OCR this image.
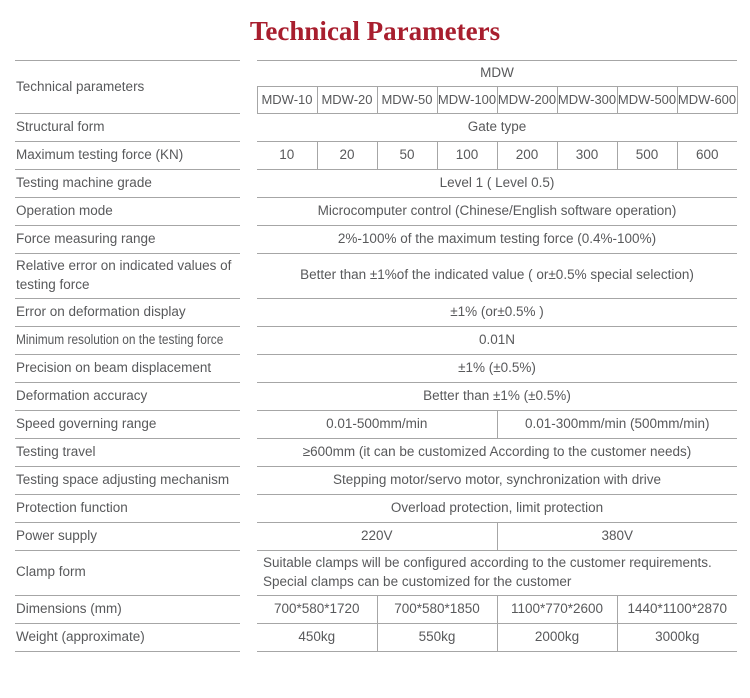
Technical Parameters
Technical parameters		MDW							
		MDW-10	MDW-20	MDW-50	MDW-100	MDW-200	MDW-300	MDW-500	MDW-600
Structural form		Gate type							
Maximum testing force (KN)		10	20	50	100	200	300	500	600
Testing machine grade		Level 1 ( Level 0.5)							
Operation mode		Microcomputer control (Chinese/English software operation)							
Force measuring range		2%-100% of the maximum testing force (0.4%-100%)							
Relative error on indicated values of testing force		Better than ±1%of the indicated value ( or±0.5% special selection)							
Error on deformation display		±1% (or±0.5% )							
Minimum resolution on the testing force		0.01N							
Precision on beam displacement		±1% (±0.5%)							
Deformation accuracy		Better than ±1% (±0.5%)							
Speed governing range		0.01-500mm/min				0.01-300mm/min (500mm/min)			
Testing travel		≥600mm (it can be customized According to the customer needs)							
Testing space adjusting mechanism		Stepping motor/servo motor, synchronization with drive							
Protection function		Overload protection, limit protection							
Power supply		220V				380V			
Clamp form		Suitable clamps will be configured according to the customer requirements. Special clamps can be customized for the customer							
Dimensions (mm)		700*580*1720		700*580*1850		1100*770*2600		1440*1100*2870	
Weight (approximate)		450kg		550kg		2000kg		3000kg	
